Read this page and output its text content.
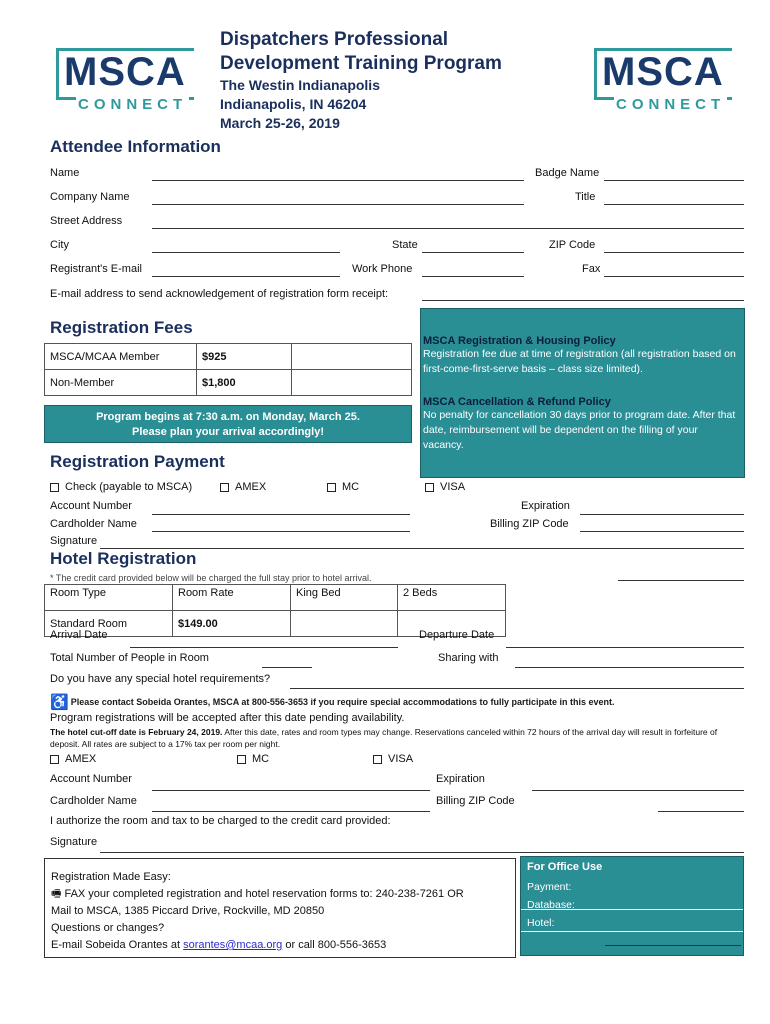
MSCA
CONNECT
MSCA
CONNECT
Dispatchers Professional
Development Training Program
The Westin Indianapolis
Indianapolis, IN 46204
March 25-26, 2019
Attendee Information
Name	Badge Name
Company Name	Title
Street Address
City	State	ZIP Code
Registrant's E-mail	Work Phone	Fax
E-mail address to send acknowledgement of registration form receipt:
Registration Fees
MSCA/MCAA Member	$925	
Non-Member	$1,800	
MSCA Registration & Housing Policy
Registration fee due at time of registration (all registration based on first-come-first-serve basis – class size limited).
MSCA Cancellation & Refund Policy
No penalty for cancellation 30 days prior to program date. After that date, reimbursement will be dependent on the filling of your vacancy.
Program begins at 7:30 a.m. on Monday, March 25.
Please plan your arrival accordingly!
Registration Payment
Check (payable to MSCA)	AMEX	MC	VISA
Account Number	Expiration
Cardholder Name	Billing ZIP Code
Signature
Hotel Registration
* The credit card provided below will be charged the full stay prior to hotel arrival.
Room Type	Room Rate	King Bed	2 Beds
Standard Room	$149.00		
Arrival Date	Departure Date
Total Number of People in Room	Sharing with
Do you have any special hotel requirements?
♿ Please contact Sobeida Orantes, MSCA at 800-556-3653 if you require special accommodations to fully participate in this event.
Program registrations will be accepted after this date pending availability.
The hotel cut-off date is February 24, 2019. After this date, rates and room types may change. Reservations canceled within 72 hours of the arrival day will result in forfeiture of deposit. All rates are subject to a 17% tax per room per night.
AMEX	MC	VISA
Account Number	Expiration
Cardholder Name	Billing ZIP Code
I authorize the room and tax to be charged to the credit card provided:
Signature
Registration Made Easy:
🖷 FAX your completed registration and hotel reservation forms to: 240-238-7261 OR
Mail to MSCA, 1385 Piccard Drive, Rockville, MD 20850
Questions or changes?
E-mail Sobeida Orantes at sorantes@mcaa.org or call 800-556-3653
For Office Use
Payment:
Database:
Hotel:
